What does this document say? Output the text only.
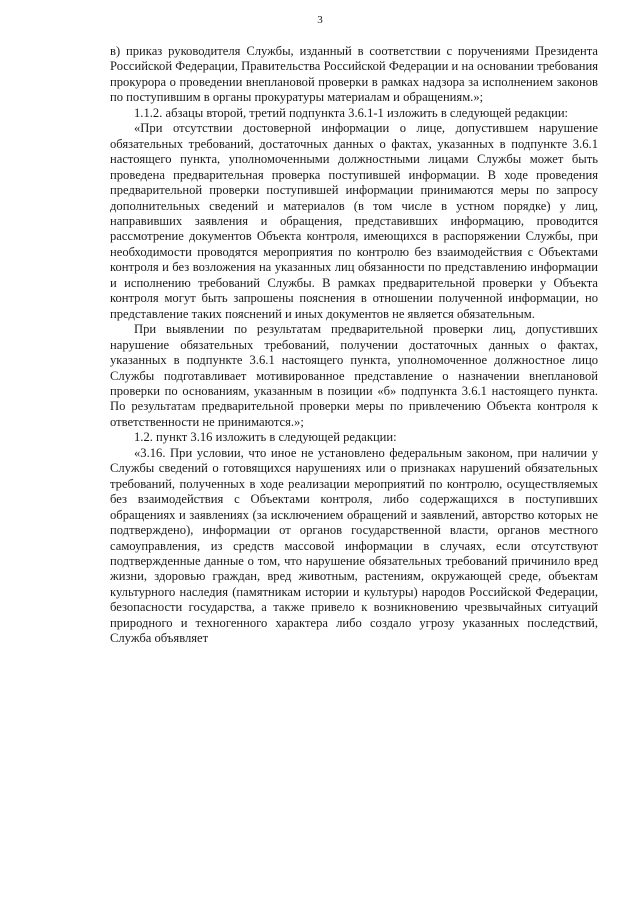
3

в) приказ руководителя Службы, изданный в соответствии с поручениями Президента Российской Федерации, Правительства Российской Федерации и на основании требования прокурора о проведении внеплановой проверки в рамках надзора за исполнением законов по поступившим в органы прокуратуры материалам и обращениям.»;

1.1.2. абзацы второй, третий подпункта 3.6.1-1 изложить в следующей редакции:

«При отсутствии достоверной информации о лице, допустившем нарушение обязательных требований, достаточных данных о фактах, указанных в подпункте 3.6.1 настоящего пункта, уполномоченными должностными лицами Службы может быть проведена предварительная проверка поступившей информации. В ходе проведения предварительной проверки поступившей информации принимаются меры по запросу дополнительных сведений и материалов (в том числе в устном порядке) у лиц, направивших заявления и обращения, представивших информацию, проводится рассмотрение документов Объекта контроля, имеющихся в распоряжении Службы, при необходимости проводятся мероприятия по контролю без взаимодействия с Объектами контроля и без возложения на указанных лиц обязанности по представлению информации и исполнению требований Службы. В рамках предварительной проверки у Объекта контроля могут быть запрошены пояснения в отношении полученной информации, но представление таких пояснений и иных документов не является обязательным.

При выявлении по результатам предварительной проверки лиц, допустивших нарушение обязательных требований, получении достаточных данных о фактах, указанных в подпункте 3.6.1 настоящего пункта, уполномоченное должностное лицо Службы подготавливает мотивированное представление о назначении внеплановой проверки по основаниям, указанным в позиции «б» подпункта 3.6.1 настоящего пункта. По результатам предварительной проверки меры по привлечению Объекта контроля к ответственности не принимаются.»;

1.2. пункт 3.16 изложить в следующей редакции:

«3.16. При условии, что иное не установлено федеральным законом, при наличии у Службы сведений о готовящихся нарушениях или о признаках нарушений обязательных требований, полученных в ходе реализации мероприятий по контролю, осуществляемых без взаимодействия с Объектами контроля, либо содержащихся в поступивших обращениях и заявлениях (за исключением обращений и заявлений, авторство которых не подтверждено), информации от органов государственной власти, органов местного самоуправления, из средств массовой информации в случаях, если отсутствуют подтвержденные данные о том, что нарушение обязательных требований причинило вред жизни, здоровью граждан, вред животным, растениям, окружающей среде, объектам культурного наследия (памятникам истории и культуры) народов Российской Федерации, безопасности государства, а также привело к возникновению чрезвычайных ситуаций природного и техногенного характера либо создало угрозу указанных последствий, Служба объявляет
